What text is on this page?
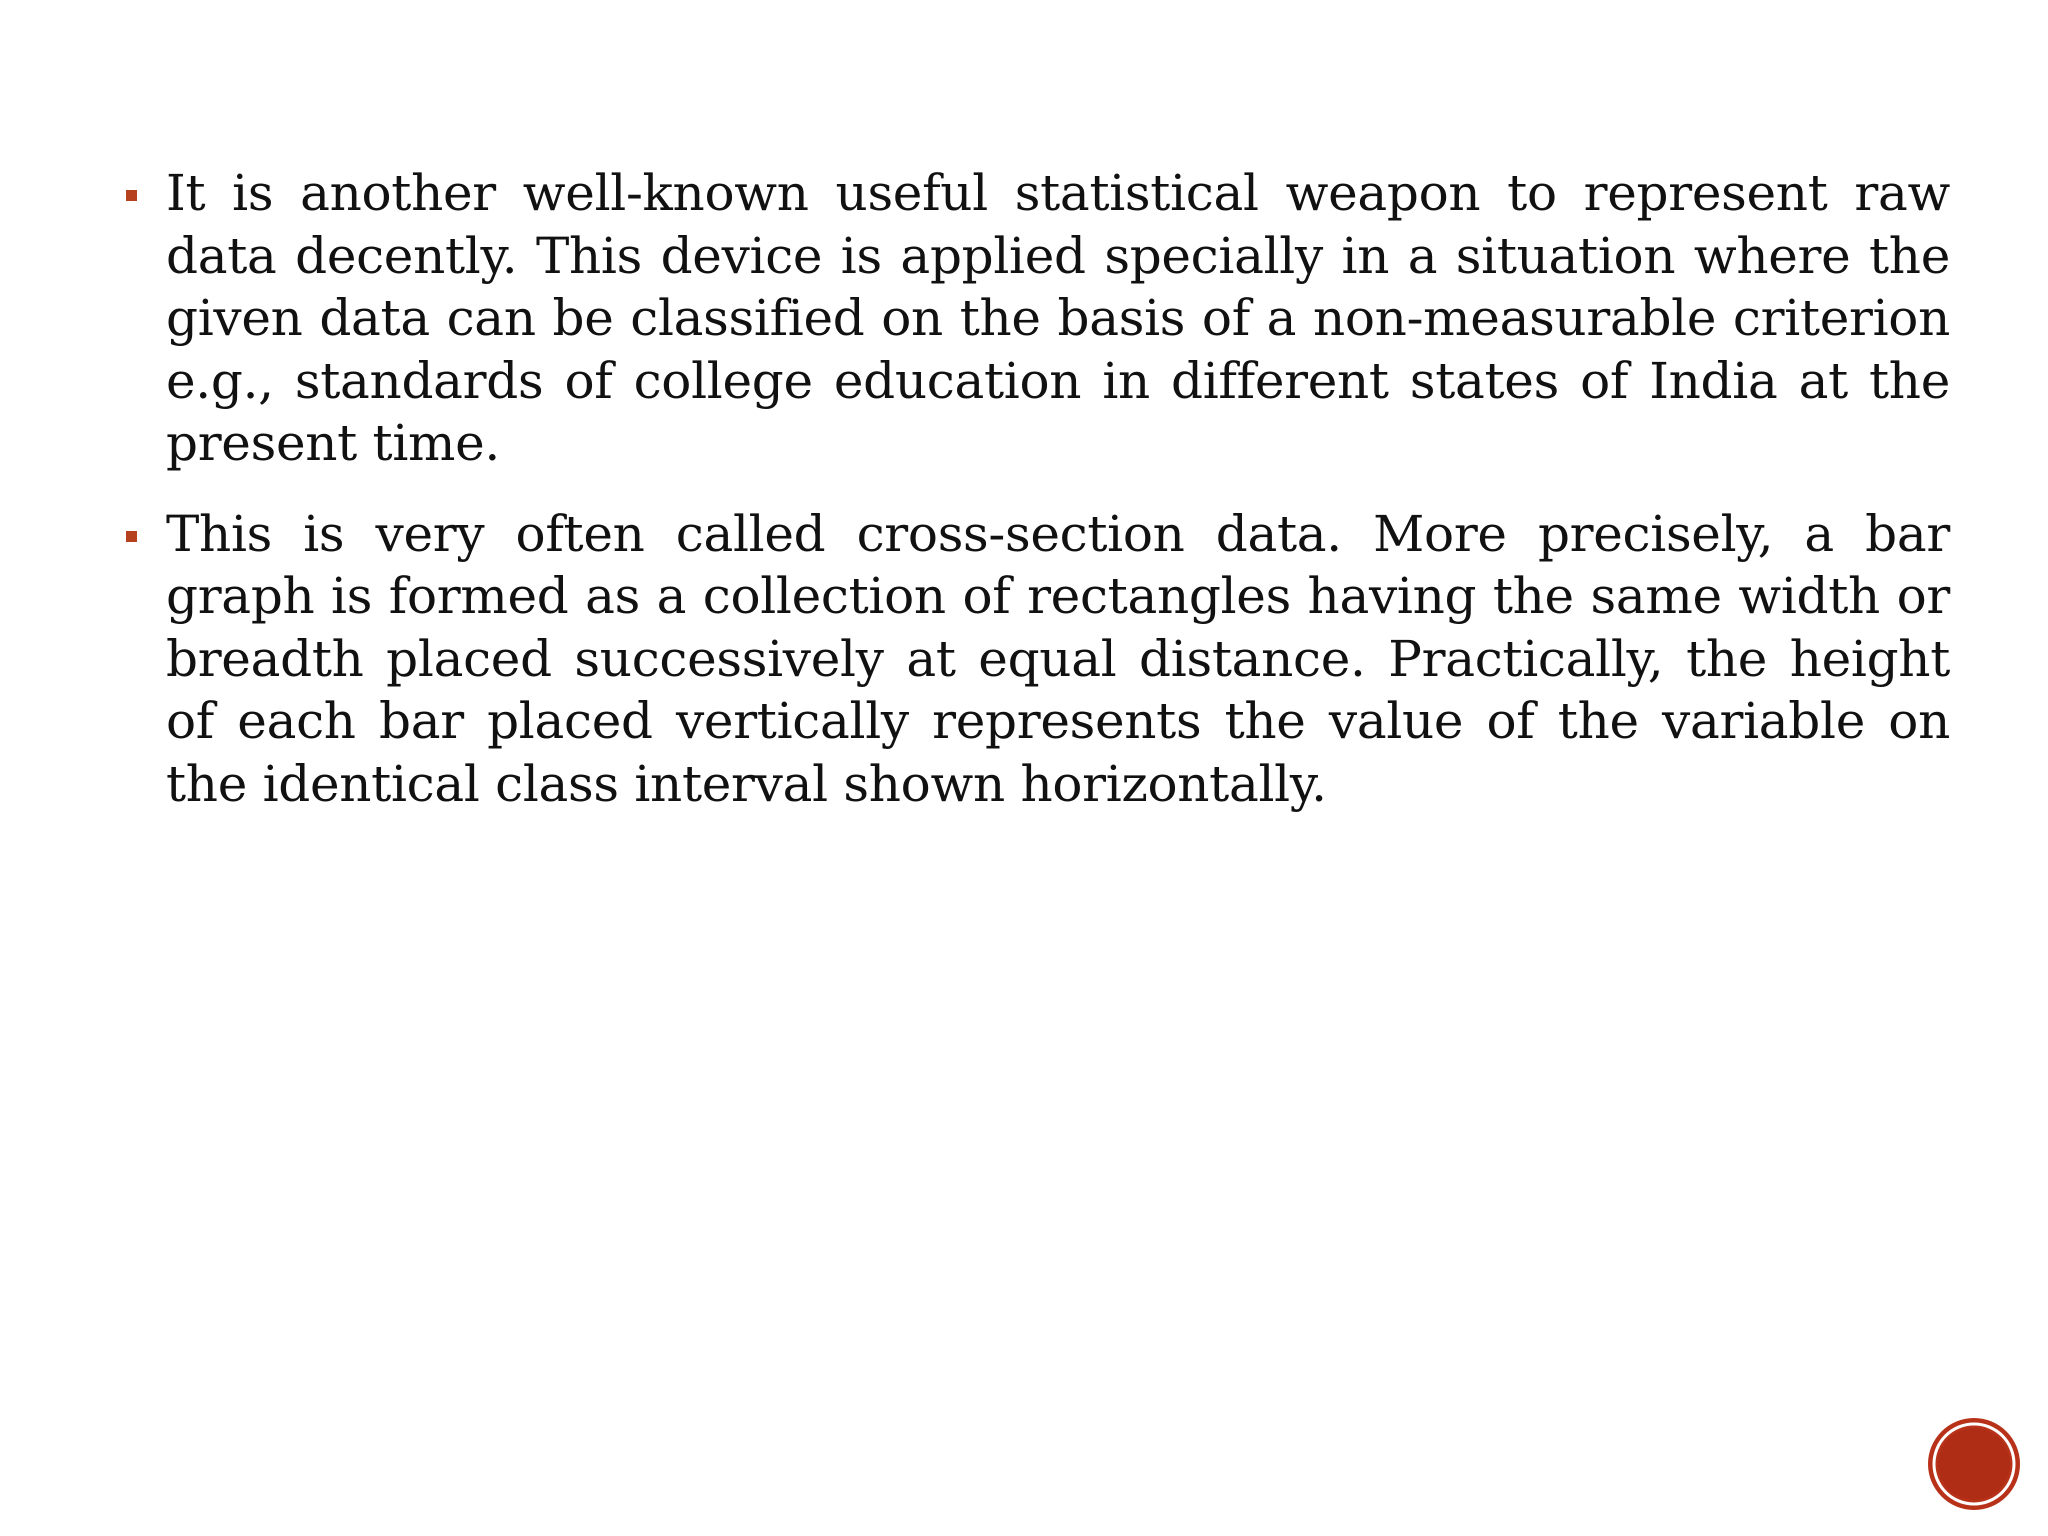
It is another well-known useful statistical weapon to represent raw data decently. This device is applied specially in a situation where the given data can be classified on the basis of a non-measurable criterion e.g., standards of college education in different states of India at the present time.
This is very often called cross-section data. More precisely, a bar graph is formed as a collection of rectangles having the same width or breadth placed successively at equal distance. Practically, the height of each bar placed vertically represents the value of the variable on the identical class interval shown horizontally.
